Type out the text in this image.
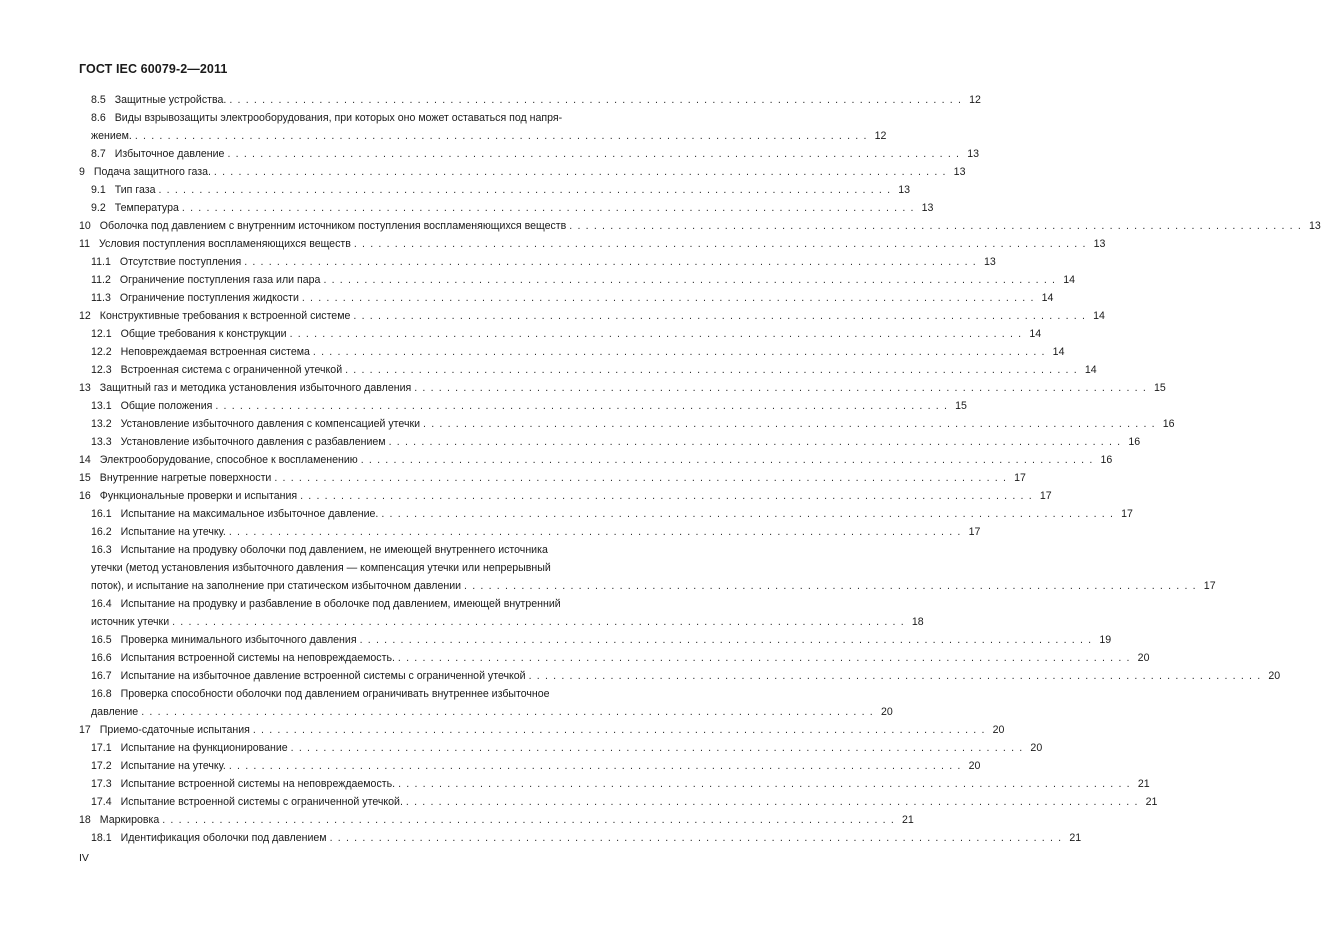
ГОСТ IEC 60079-2—2011
8.5 Защитные устройства. . . .	12
8.6 Виды взрывозащиты электрооборудования, при которых оно может оставаться под напря-
жением. . . .	12
8.7 Избыточное давление . . .	13
9 Подача защитного газа. . . .	13
9.1 Тип газа . . .	13
9.2 Температура . . .	13
10 Оболочка под давлением с внутренним источником поступления воспламеняющихся веществ . . .	13
11 Условия поступления воспламеняющихся веществ . . .	13
11.1 Отсутствие поступления . . .	13
11.2 Ограничение поступления газа или пара . . .	14
11.3 Ограничение поступления жидкости . . .	14
12 Конструктивные требования к встроенной системе . . .	14
12.1 Общие требования к конструкции . . .	14
12.2 Неповреждаемая встроенная система . . .	14
12.3 Встроенная система с ограниченной утечкой . . .	14
13 Защитный газ и методика установления избыточного давления . . .	15
13.1 Общие положения . . .	15
13.2 Установление избыточного давления с компенсацией утечки . . .	16
13.3 Установление избыточного давления с разбавлением . . .	16
14 Электрооборудование, способное к воспламенению . . .	16
15 Внутренние нагретые поверхности . . .	17
16 Функциональные проверки и испытания . . .	17
16.1 Испытание на максимальное избыточное давление. . . .	17
16.2 Испытание на утечку. . . .	17
16.3 Испытание на продувку оболочки под давлением, не имеющей внутреннего источника
утечки (метод установления избыточного давления — компенсация утечки или непрерывный
поток), и испытание на заполнение при статическом избыточном давлении . . .	17
16.4 Испытание на продувку и разбавление в оболочке под давлением, имеющей внутренний
источник утечки . . .	18
16.5 Проверка минимального избыточного давления . . .	19
16.6 Испытания встроенной системы на неповреждаемость. . . .	20
16.7 Испытание на избыточное давление встроенной системы с ограниченной утечкой . . .	20
16.8 Проверка способности оболочки под давлением ограничивать внутреннее избыточное
давление . . .	20
17 Приемо-сдаточные испытания . . .	20
17.1 Испытание на функционирование . . .	20
17.2 Испытание на утечку. . . .	20
17.3 Испытание встроенной системы на неповреждаемость. . . .	21
17.4 Испытание встроенной системы с ограниченной утечкой. . . .	21
18 Маркировка . . .	21
18.1 Идентификация оболочки под давлением . . .	21
IV
